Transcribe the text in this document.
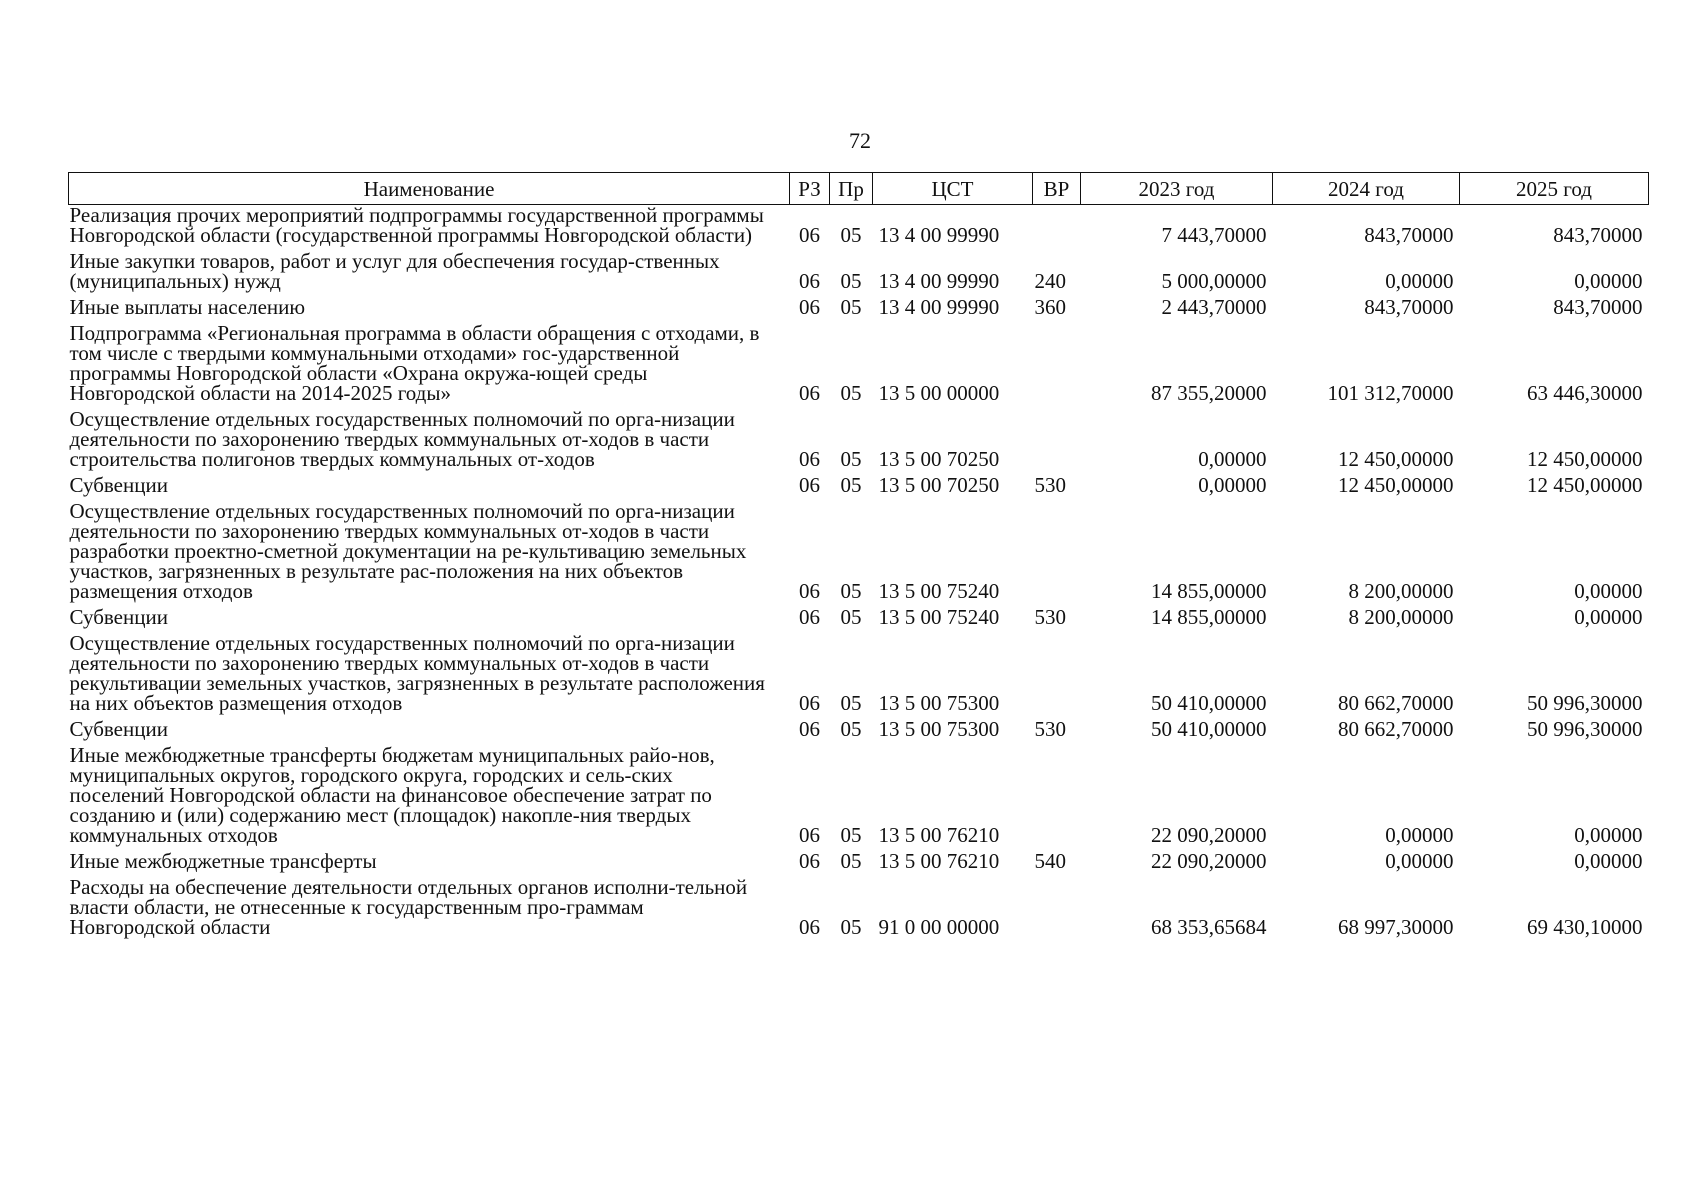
72
Наименование	РЗ	Пр	ЦСТ	ВР	2023 год	2024 год	2025 год
Реализация прочих мероприятий подпрограммы государственной программы Новгородской области (государственной программы Новгородской области)	06	05	13 4 00 99990		7 443,70000	843,70000	843,70000
Иные закупки товаров, работ и услуг для обеспечения государ-ственных (муниципальных) нужд	06	05	13 4 00 99990	240	5 000,00000	0,00000	0,00000
Иные выплаты населению	06	05	13 4 00 99990	360	2 443,70000	843,70000	843,70000
Подпрограмма «Региональная программа в области обращения с отходами, в том числе с твердыми коммунальными отходами» гос-ударственной программы Новгородской области «Охрана окружа-ющей среды Новгородской области на 2014-2025 годы»	06	05	13 5 00 00000		87 355,20000	101 312,70000	63 446,30000
Осуществление отдельных государственных полномочий по орга-низации деятельности по захоронению твердых коммунальных от-ходов в части строительства полигонов твердых коммунальных от-ходов	06	05	13 5 00 70250		0,00000	12 450,00000	12 450,00000
Субвенции	06	05	13 5 00 70250	530	0,00000	12 450,00000	12 450,00000
Осуществление отдельных государственных полномочий по орга-низации деятельности по захоронению твердых коммунальных от-ходов в части разработки проектно-сметной документации на ре-культивацию земельных участков, загрязненных в результате рас-положения на них объектов размещения отходов	06	05	13 5 00 75240		14 855,00000	8 200,00000	0,00000
Субвенции	06	05	13 5 00 75240	530	14 855,00000	8 200,00000	0,00000
Осуществление отдельных государственных полномочий по орга-низации деятельности по захоронению твердых коммунальных от-ходов в части рекультивации земельных участков, загрязненных в результате расположения на них объектов размещения отходов	06	05	13 5 00 75300		50 410,00000	80 662,70000	50 996,30000
Субвенции	06	05	13 5 00 75300	530	50 410,00000	80 662,70000	50 996,30000
Иные межбюджетные трансферты бюджетам муниципальных райо-нов, муниципальных округов, городского округа, городских и сель-ских поселений Новгородской области на финансовое обеспечение затрат по созданию и (или) содержанию мест (площадок) накопле-ния твердых коммунальных отходов	06	05	13 5 00 76210		22 090,20000	0,00000	0,00000
Иные межбюджетные трансферты	06	05	13 5 00 76210	540	22 090,20000	0,00000	0,00000
Расходы на обеспечение деятельности отдельных органов исполни-тельной власти области, не отнесенные к государственным про-граммам Новгородской области	06	05	91 0 00 00000		68 353,65684	68 997,30000	69 430,10000
